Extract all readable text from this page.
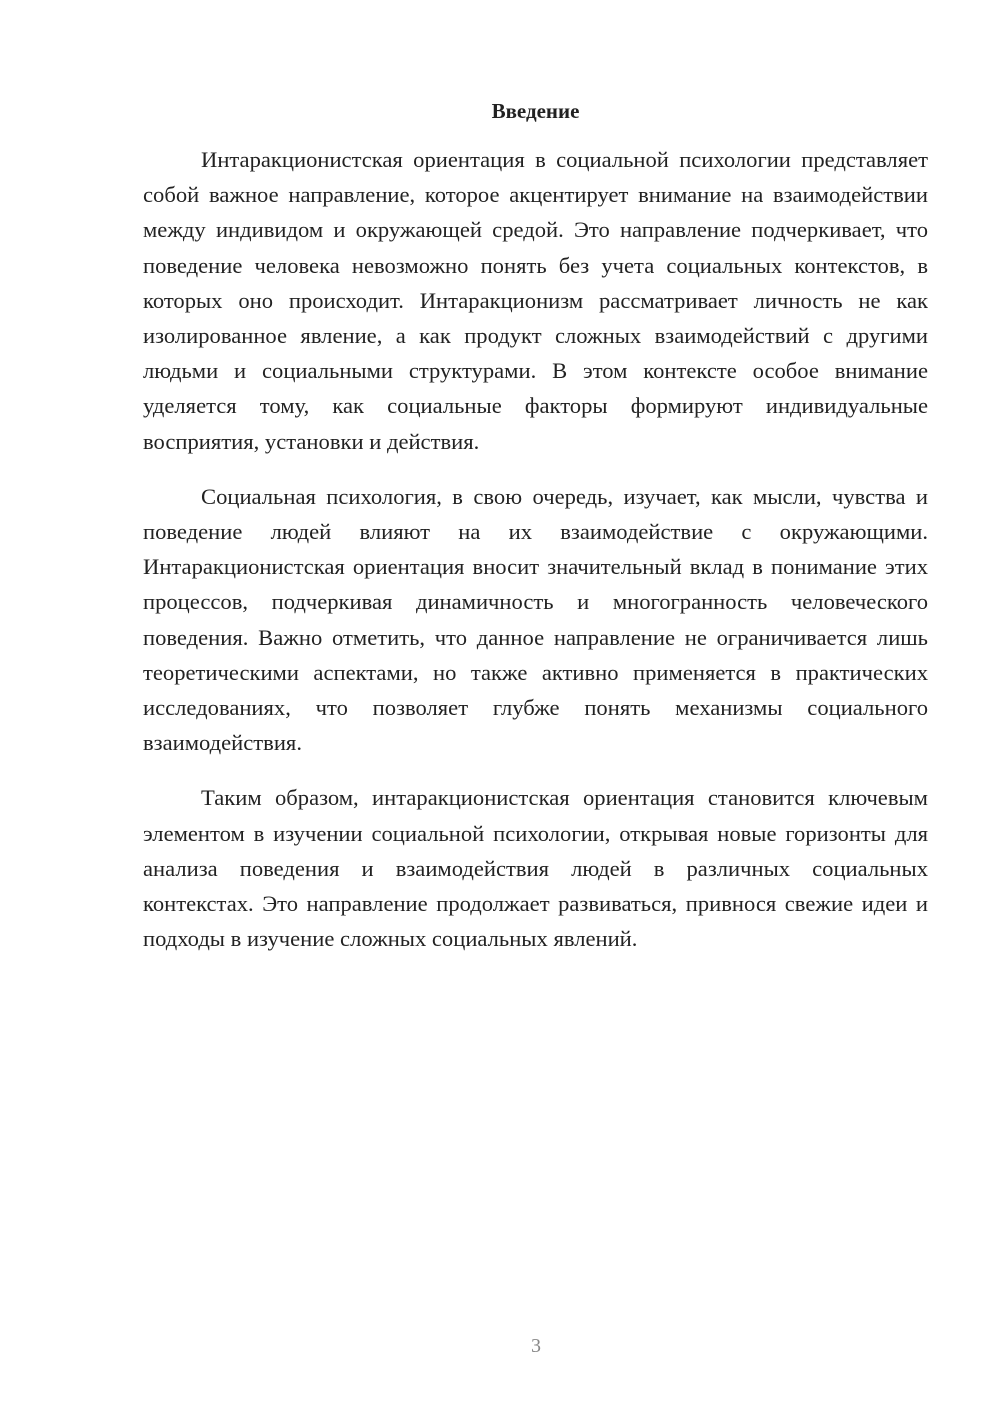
Введение

Интаракционистская ориентация в социальной психологии представляет собой важное направление, которое акцентирует внимание на взаимодействии между индивидом и окружающей средой. Это направление подчеркивает, что поведение человека невозможно понять без учета социальных контекстов, в которых оно происходит. Интаракционизм рассматривает личность не как изолированное явление, а как продукт сложных взаимодействий с другими людьми и социальными структурами. В этом контексте особое внимание уделяется тому, как социальные факторы формируют индивидуальные восприятия, установки и действия.

Социальная психология, в свою очередь, изучает, как мысли, чувства и поведение людей влияют на их взаимодействие с окружающими. Интаракционистская ориентация вносит значительный вклад в понимание этих процессов, подчеркивая динамичность и многогранность человеческого поведения. Важно отметить, что данное направление не ограничивается лишь теоретическими аспектами, но также активно применяется в практических исследованиях, что позволяет глубже понять механизмы социального взаимодействия.

Таким образом, интаракционистская ориентация становится ключевым элементом в изучении социальной психологии, открывая новые горизонты для анализа поведения и взаимодействия людей в различных социальных контекстах. Это направление продолжает развиваться, привнося свежие идеи и подходы в изучение сложных социальных явлений.

3
